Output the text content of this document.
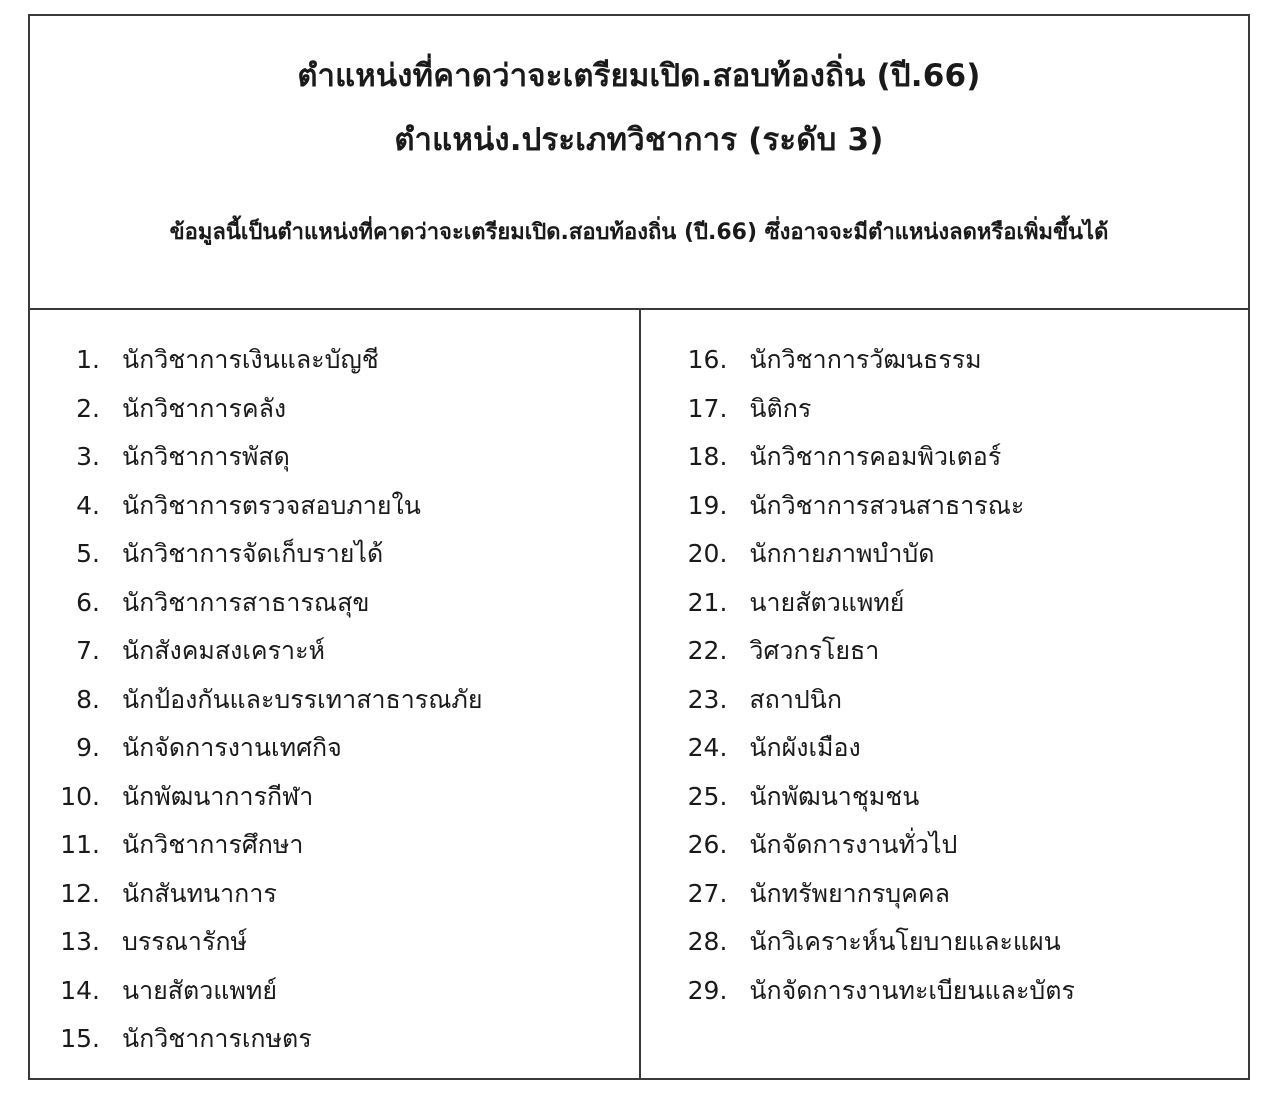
ตำแหน่งที่คาดว่าจะเตรียมเปิด.สอบท้องถิ่น (ปี.66)
ตำแหน่ง.ประเภทวิชาการ (ระดับ 3)
ข้อมูลนี้เป็นตำแหน่งที่คาดว่าจะเตรียมเปิด.สอบท้องถิ่น (ปี.66) ซึ่งอาจจะมีตำแหน่งลดหรือเพิ่มขึ้นได้
1. นักวิชาการเงินและบัญชี
2. นักวิชาการคลัง
3. นักวิชาการพัสดุ
4. นักวิชาการตรวจสอบภายใน
5. นักวิชาการจัดเก็บรายได้
6. นักวิชาการสาธารณสุข
7. นักสังคมสงเคราะห์
8. นักป้องกันและบรรเทาสาธารณภัย
9. นักจัดการงานเทศกิจ
10. นักพัฒนาการกีฬา
11. นักวิชาการศึกษา
12. นักสันทนาการ
13. บรรณารักษ์
14. นายสัตวแพทย์
15. นักวิชาการเกษตร
16. นักวิชาการวัฒนธรรม
17. นิติกร
18. นักวิชาการคอมพิวเตอร์
19. นักวิชาการสวนสาธารณะ
20. นักกายภาพบำบัด
21. นายสัตวแพทย์
22. วิศวกรโยธา
23. สถาปนิก
24. นักผังเมือง
25. นักพัฒนาชุมชน
26. นักจัดการงานทั่วไป
27. นักทรัพยากรบุคคล
28. นักวิเคราะห์นโยบายและแผน
29. นักจัดการงานทะเบียนและบัตร
